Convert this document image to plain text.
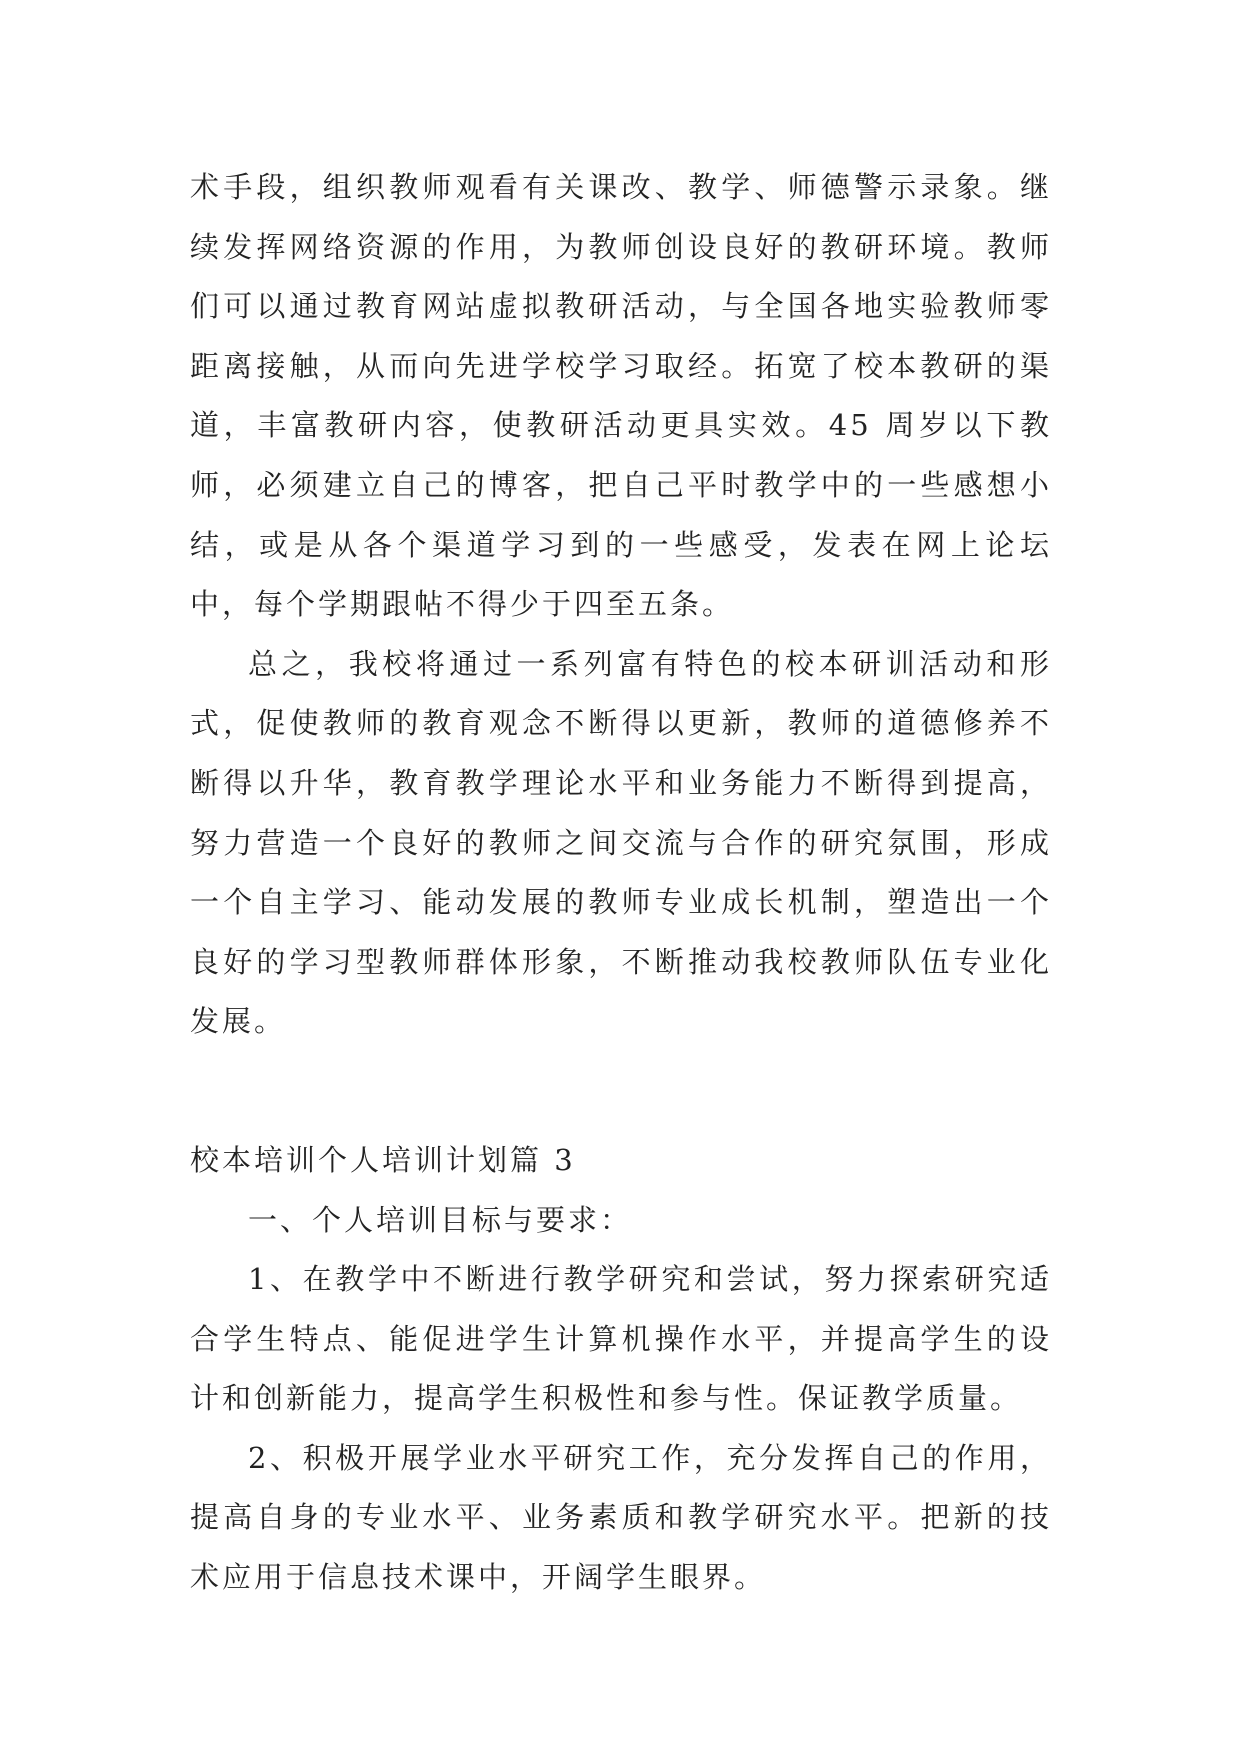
术手段，组织教师观看有关课改、教学、师德警示录象。继续发挥网络资源的作用，为教师创设良好的教研环境。教师们可以通过教育网站虚拟教研活动，与全国各地实验教师零距离接触，从而向先进学校学习取经。拓宽了校本教研的渠道，丰富教研内容，使教研活动更具实效。45 周岁以下教师，必须建立自己的博客，把自己平时教学中的一些感想小结，或是从各个渠道学习到的一些感受，发表在网上论坛中，每个学期跟帖不得少于四至五条。

总之，我校将通过一系列富有特色的校本研训活动和形式，促使教师的教育观念不断得以更新，教师的道德修养不断得以升华，教育教学理论水平和业务能力不断得到提高，努力营造一个良好的教师之间交流与合作的研究氛围，形成一个自主学习、能动发展的教师专业成长机制，塑造出一个良好的学习型教师群体形象，不断推动我校教师队伍专业化发展。

校本培训个人培训计划篇 3

一、个人培训目标与要求：

1、在教学中不断进行教学研究和尝试，努力探索研究适合学生特点、能促进学生计算机操作水平，并提高学生的设计和创新能力，提高学生积极性和参与性。保证教学质量。

2、积极开展学业水平研究工作，充分发挥自己的作用，提高自身的专业水平、业务素质和教学研究水平。把新的技术应用于信息技术课中，开阔学生眼界。
